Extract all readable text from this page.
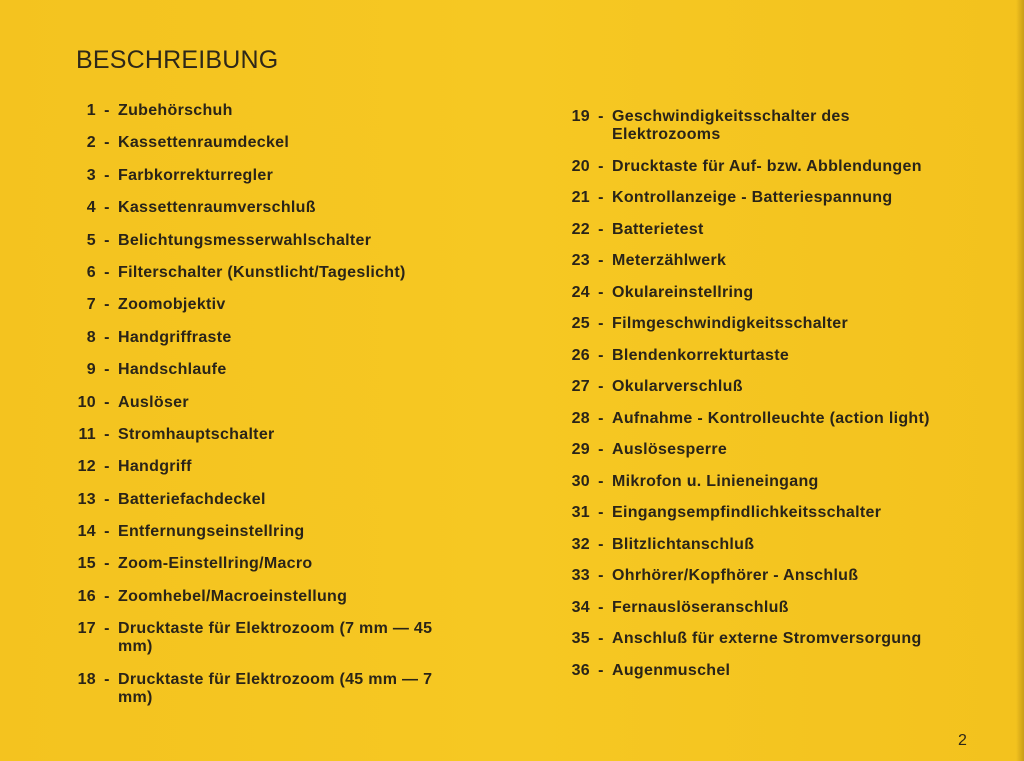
BESCHREIBUNG
1 - Zubehörschuh
2 - Kassettenraumdeckel
3 - Farbkorrekturregler
4 - Kassettenraumverschluß
5 - Belichtungsmesserwahlschalter
6 - Filterschalter (Kunstlicht/Tageslicht)
7 - Zoomobjektiv
8 - Handgriffraste
9 - Handschlaufe
10 - Auslöser
11 - Stromhauptschalter
12 - Handgriff
13 - Batteriefachdeckel
14 - Entfernungseinstellring
15 - Zoom-Einstellring/Macro
16 - Zoomhebel/Macroeinstellung
17 - Drucktaste für Elektrozoom (7 mm — 45 mm)
18 - Drucktaste für Elektrozoom (45 mm — 7 mm)
19 - Geschwindigkeitsschalter des Elektrozooms
20 - Drucktaste für Auf- bzw. Abblendungen
21 - Kontrollanzeige - Batteriespannung
22 - Batterietest
23 - Meterzählwerk
24 - Okulareinstellring
25 - Filmgeschwindigkeitsschalter
26 - Blendenkorrekturtaste
27 - Okularverschluß
28 - Aufnahme - Kontrolleuchte (action light)
29 - Auslösesperre
30 - Mikrofon u. Linieneingang
31 - Eingangsempfindlichkeitsschalter
32 - Blitzlichtanschluß
33 - Ohrhörer/Kopfhörer - Anschluß
34 - Fernauslöseranschluß
35 - Anschluß für externe Stromversorgung
36 - Augenmuschel
2
